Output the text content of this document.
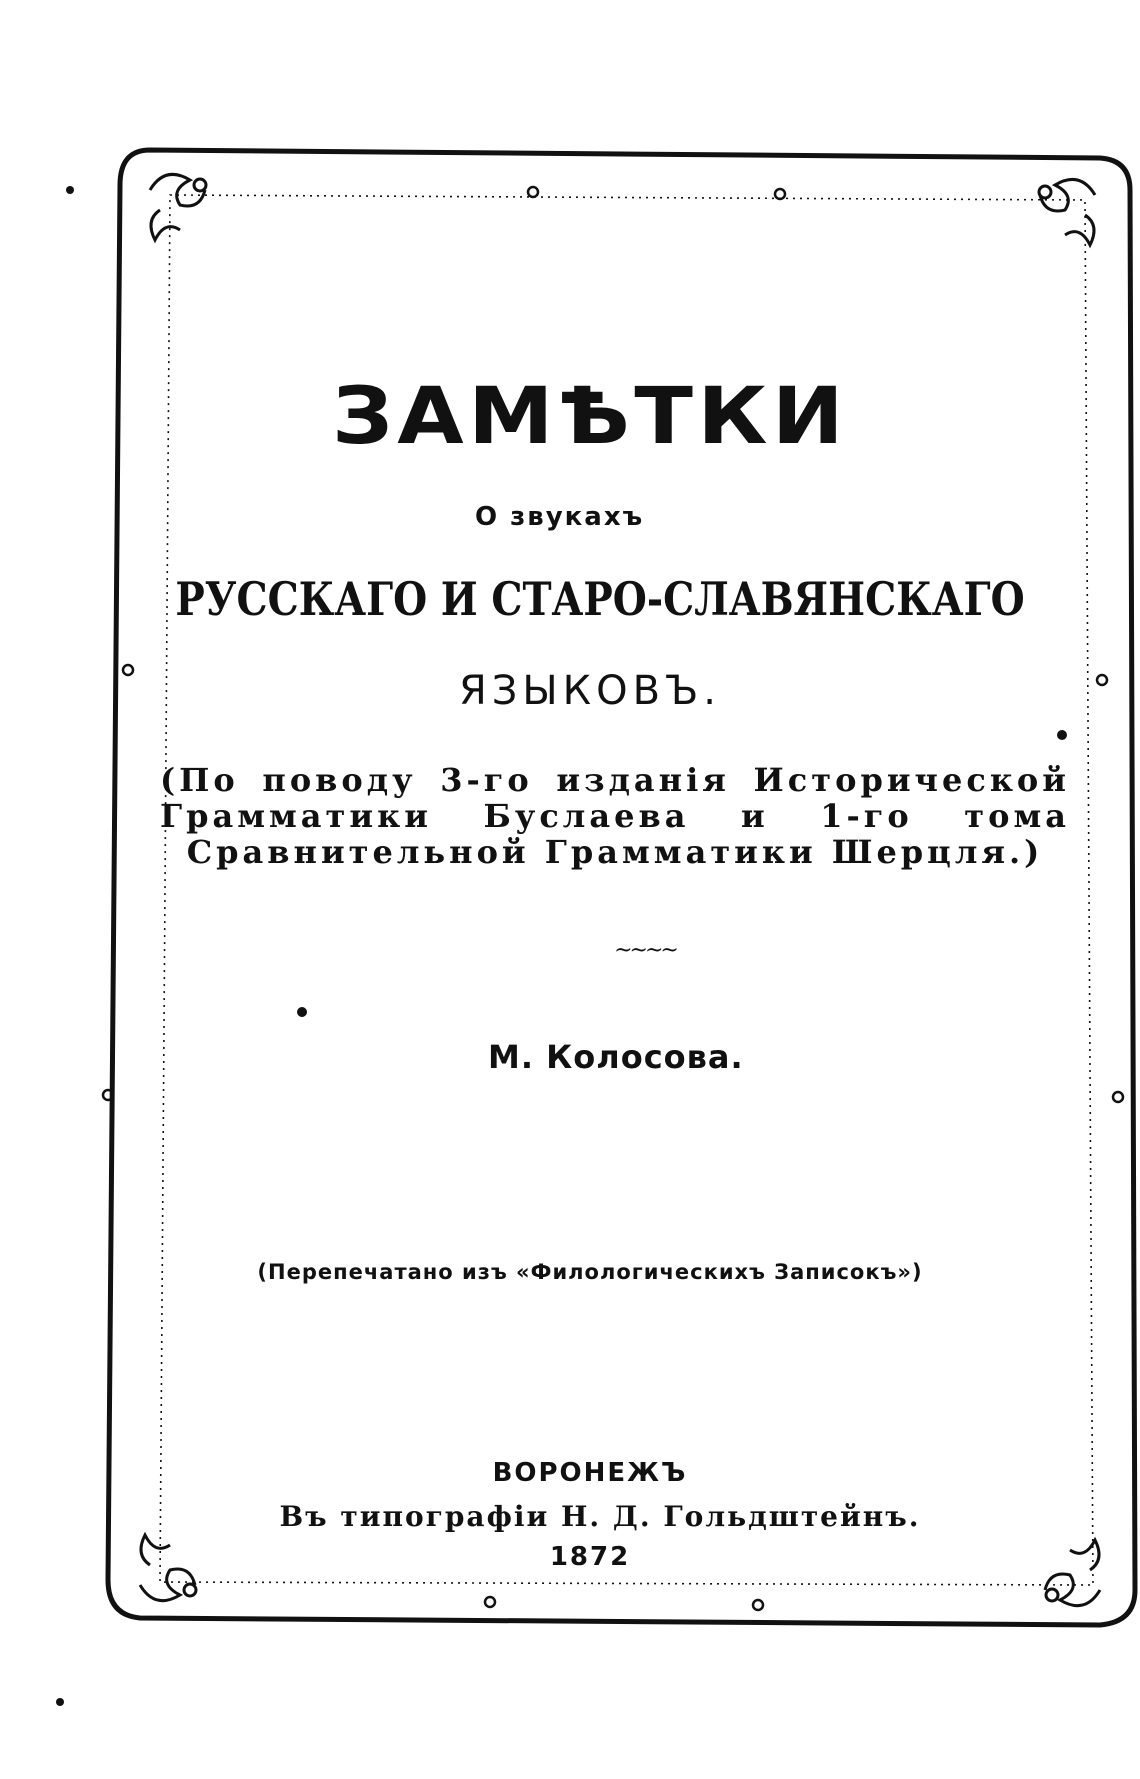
ЗАМѢТКИ
О звукахъ
РУССКАГО И СТАРО-СЛАВЯНСКАГО
ЯЗЫКОВЪ.
(По поводу 3-го изданія Исторической Грамматики Буслаева и 1-го тома Сравнительной Грамматики Шерцля.)
~~~~
М. Колосова.
(Перепечатано изъ «Филологическихъ Записокъ»)
ВОРОНЕЖЪ
Въ типографіи Н. Д. Гольдштейнъ.
1872
